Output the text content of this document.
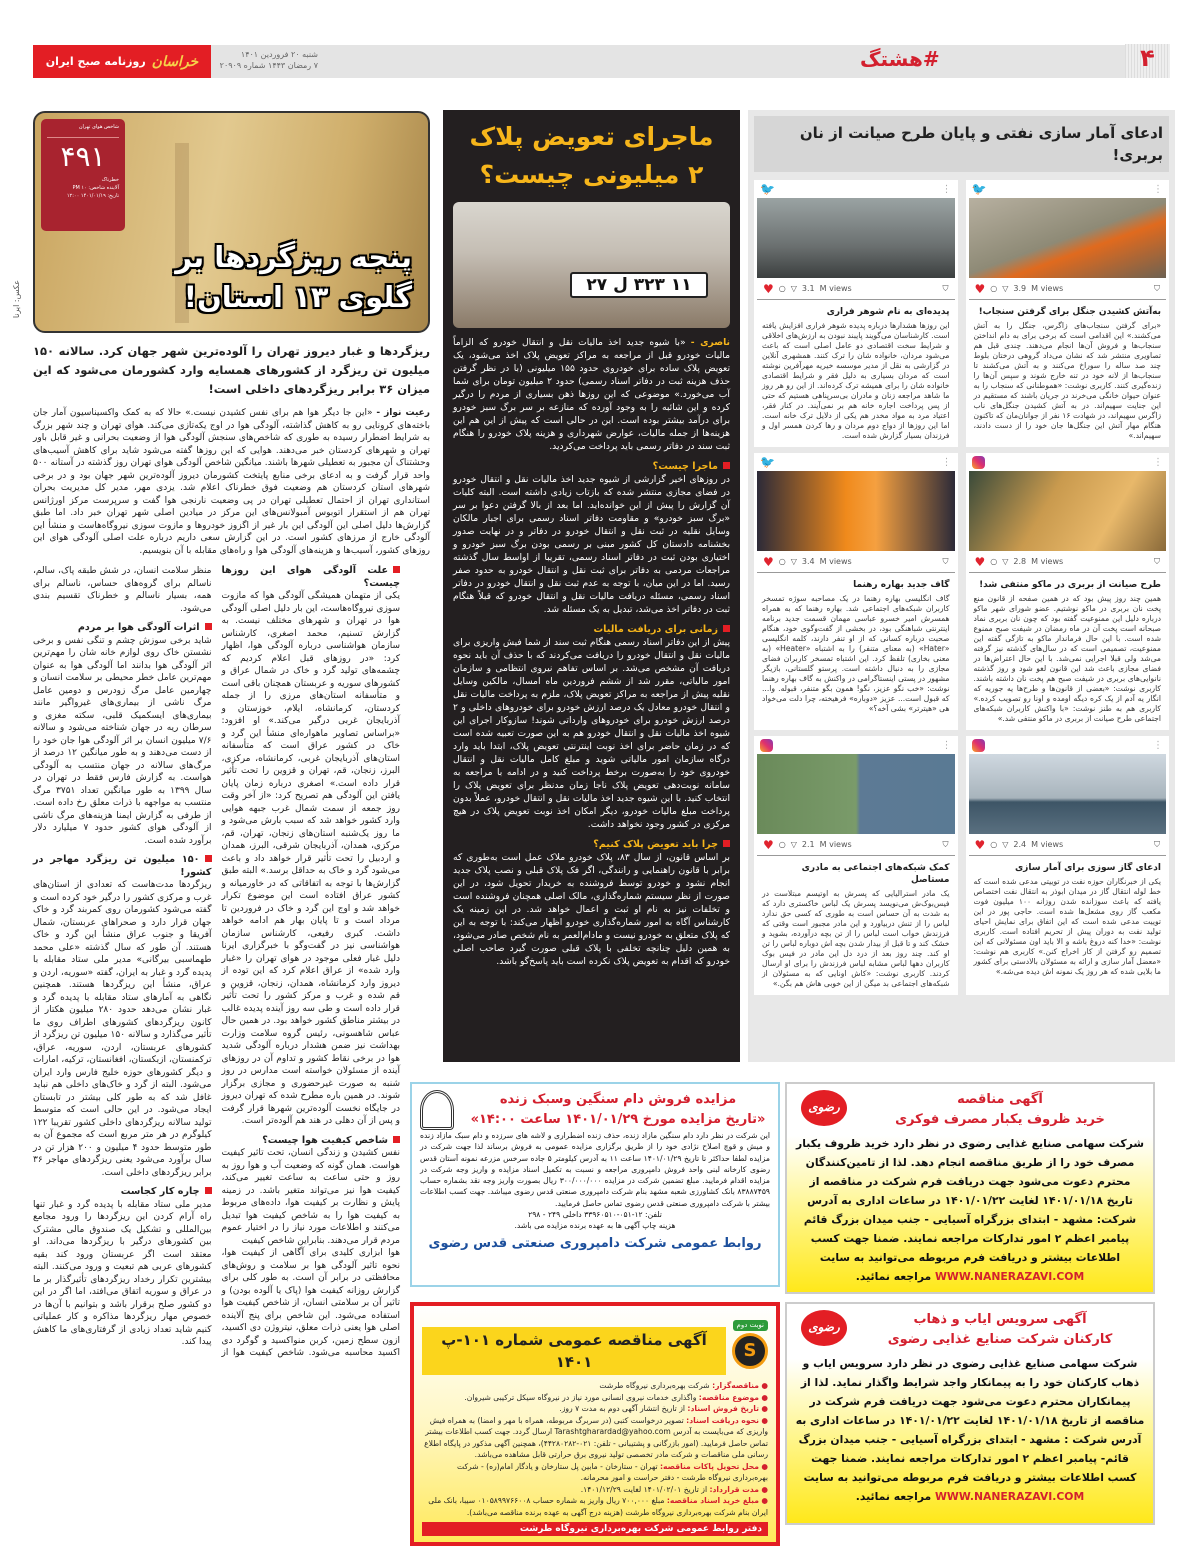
خراسان
روزنامه صبح ایران
شنبه ۲۰ فروردین ۱۴۰۱
۷ رمضان ۱۴۴۳ شماره ۲۰۹۰۹	#هشتگ	۴
شاخص هوای تهران
۴۹۱
خطرناک
آلاینده شاخص: PM ۱۰
تاریخ: ۱۴۰۱/۰۱/۱۹ ۱۲:۰۰
پنجه ریزگردها بر
گلوی ۱۳ استان!
عکس: ایرنا
ریزگردها و غبار دیروز تهران را آلوده‌ترین شهر جهان کرد. سالانه ۱۵۰ میلیون تن ریزگرد از کشورهای همسایه وارد کشورمان می‌شود که این میزان ۳۶ برابر ریزگردهای داخلی است!
رعیت نواز - «این جا دیگر هوا هم برای نفس کشیدن نیست.» حالا که به کمک واکسیناسیون آمار جان باخته‌های کرونایی رو به کاهش گذاشته، آلودگی هوا در اوج یکه‌تازی می‌کند. هوای تهران و چند شهر بزرگ به شرایط اضطرار رسیده به طوری که شاخص‌های سنجش آلودگی هوا از وضعیت بحرانی و غیر قابل باور تهران و شهرهای کردستان خبر می‌دهند. هوایی که این روزها گفته می‌شود شاید برای کاهش آسیب‌های وحشتناک آن مجبور به تعطیلی شهرها باشند. میانگین شاخص آلودگی هوای تهران روز گذشته در آستانه ۵۰۰ واحد قرار گرفت و به ادعای برخی منابع پایتخت کشورمان دیروز آلوده‌ترین شهر جهان بود و در برخی شهرهای استان کردستان هم وضعیت فوق خطرناک اعلام شد. یزدی مهر، مدیر کل مدیریت بحران استانداری تهران از احتمال تعطیلی تهران در پی وضعیت نارنجی هوا گفت و سرپرست مرکز اورژانس تهران هم از استقرار اتوبوس آمبولانس‌های این مرکز در میادین اصلی شهر تهران خبر داد. اما طبق گزارش‌ها دلیل اصلی این آلودگی این بار غیر از اگزوز خودروها و مازوت سوزی نیروگاه‌هاست و منشأ این آلودگی خارج از مرزهای کشور است. در این گزارش سعی داریم درباره علت اصلی آلودگی هوای این روزهای کشور، آسیب‌ها و هزینه‌های آلودگی هوا و راه‌های مقابله با آن بنویسیم.
علت آلودگی هوای این روزها چیست؟
یکی از متهمان همیشگی آلودگی هوا که مازوت سوزی نیروگاه‌هاست، این بار دلیل اصلی آلودگی هوا در تهران و شهرهای مختلف نیست. به گزارش تسنیم، محمد اصغری، کارشناس سازمان هواشناسی درباره آلودگی هوا، اظهار کرد: «در روزهای قبل اعلام کردیم که چشمه‌های تولید گرد و خاک در شمال عراق و کشورهای سوریه و عربستان همچنان باقی است و متأسفانه استان‌های مرزی را از جمله کردستان، کرمانشاه، ایلام، خوزستان و آذربایجان غربی درگیر می‌کند.» او افزود: «براساس تصاویر ماهواره‌ای منشأ این گرد و خاک در کشور عراق است که متأسفانه استان‌های آذربایجان غربی، کرمانشاه، مرکزی، البرز، زنجان، قم، تهران و قزوین را تحت تأثیر قرار داده است.» اصغری درباره زمان پایان یافتن این آلودگی هم تصریح کرد: «از آخر وقت روز جمعه از سمت شمال غرب جبهه هوایی وارد کشور خواهد شد که سبب بارش می‌شود و ما روز یک‌شنبه استان‌های زنجان، تهران، قم، مرکزی، همدان، آذربایجان شرقی، البرز، همدان و اردبیل را تحت تأثیر قرار خواهد داد و باعث می‌شود گرد و خاک به حداقل برسد.» البته طبق گزارش‌ها با توجه به اتفاقاتی که در خاورمیانه و کشور عراق افتاده است این موضوع تکرار خواهد شد و اوج این گرد و خاک در فروردین تا مرداد است و تا پایان بهار هم ادامه خواهد داشت. کبری رفیعی، کارشناس سازمان هواشناسی نیز در گفت‌وگو با خبرگزاری ایرنا دلیل غبار فعلی موجود در هوای تهران را «غبار وارد شده» از عراق اعلام کرد که این توده از دیروز وارد کرمانشاه، همدان، زنجان، قزوین و قم شده و غرب و مرکز کشور را تحت تأثیر قرار داده است و طی سه روز آینده پدیده غالب در بیشتر مناطق کشور خواهد بود. در همین حال عباس شاهسونی، رئیس گروه سلامت وزارت بهداشت نیز ضمن هشدار درباره آلودگی شدید هوا در برخی نقاط کشور و تداوم آن در روزهای آینده از مسئولان خواسته است مدارس در روز شنبه به صورت غیرحضوری و مجازی برگزار شوند. در همین باره مطرح شده که تهران دیروز در جایگاه نخست آلوده‌ترین شهرها قرار گرفت و پس از آن دهلی در هند هم آلوده‌تر است.
شاخص کیفیت هوا چیست؟
نفس کشیدن و زندگی انسان، تحت تاثیر کیفیت هواست. همان گونه که وضعیت آب و هوا روز به روز و حتی ساعت به ساعت تغییر می‌کند، کیفیت هوا نیز می‌تواند متغیر باشد. در زمینه پایش و نظارت بر کیفیت هوا، داده‌های مربوط به کیفیت هوا را به شاخص کیفیت هوا تبدیل می‌کنند و اطلاعات مورد نیاز را در اختیار عموم مردم قرار می‌دهند. بنابراین شاخص کیفیت
هوا ابزاری کلیدی برای آگاهی از کیفیت هوا، نحوه تاثیر آلودگی هوا بر سلامت و روش‌های محافظتی در برابر آن است. به طور کلی برای گزارش روزانه کیفیت هوا (پاک یا آلوده بودن) و تاثیر آن بر سلامتی انسان، از شاخص کیفیت هوا استفاده می‌شود. این شاخص برای پنج آلاینده اصلی هوا یعنی ذرات معلق، نیتروژن دی اکسید، ازون سطح زمین، کربن منواکسید و گوگرد دی اکسید محاسبه می‌شود. شاخص کیفیت هوا از منظر سلامت انسان، در شش طبقه پاک، سالم، ناسالم برای گروه‌های حساس، ناسالم برای همه، بسیار ناسالم و خطرناک تقسیم بندی می‌شود.
اثرات آلودگی هوا بر مردم
شاید برخی سوزش چشم و تنگی نفس و برخی نشستن خاک روی لوازم خانه شان را مهم‌ترین اثر آلودگی هوا بدانند اما آلودگی هوا به عنوان مهم‌ترین عامل خطر محیطی بر سلامت انسان و چهارمین عامل مرگ زودرس و دومین عامل مرگ ناشی از بیماری‌های غیرواگیر مانند بیماری‌های ایسکمیک قلبی، سکته مغزی و سرطان ریه در جهان شناخته می‌شود و سالانه ۷/۶ میلیون انسان بر اثر آلودگی هوا جان خود را از دست می‌دهند و به طور میانگین ۱۲ درصد از مرگ‌های سالانه در جهان منتسب به آلودگی هواست. به گزارش فارس فقط در تهران در سال ۱۳۹۹ به طور میانگین تعداد ۳۷۵۱ مرگ منتسب به مواجهه با ذرات معلق رخ داده است. از طرفی به گزارش ایمنا هزینه‌های مرگ ناشی از آلودگی هوای کشور حدود ۷ میلیارد دلار برآورد شده است.
۱۵۰ میلیون تن ریزگرد مهاجر در کشور!
ریزگردها مدت‌هاست که تعدادی از استان‌های غرب و مرکزی کشور را درگیر خود کرده است و گفته می‌شود کشورمان روی کمربند گرد و خاک جهان قرار دارد و صحراهای عربستان، شمال آفریقا و جنوب عراق منشأ این گرد و خاک هستند. آن طور که سال گذشته «علی محمد طهماسبی بیرگانی» مدیر ملی ستاد مقابله با پدیده گرد و غبار به ایران، گفته «سوریه، اردن و عراق، منشأ این ریزگردها هستند. همچنین نگاهی به آمارهای ستاد مقابله با پدیده گرد و غبار نشان می‌دهد حدود ۲۸۰ میلیون هکتار از کانون ریزگردهای کشورهای اطراف روی ما تأثیر می‌گذارد و سالانه ۱۵۰ میلیون تن ریزگرد از کشورهای عربستان، اردن، سوریه، عراق، ترکمنستان، ازبکستان، افغانستان، ترکیه، امارات و دیگر کشورهای حوزه خلیج فارس وارد ایران می‌شود. البته از گرد و خاک‌های داخلی هم نباید غافل شد که به طور کلی بیشتر در تابستان ایجاد می‌شود. در این حالی است که متوسط تولید سالانه ریزگردهای داخلی کشور تقریبا ۱۲۲ کیلوگرم در هر متر مربع است که مجموع آن به طور متوسط حدود ۴ میلیون و ۲۰۰ هزار تن در سال برآورد می‌شود یعنی ریزگردهای مهاجر ۳۶ برابر ریزگردهای داخلی است.
چاره کار کجاست
مدیر ملی ستاد مقابله با پدیده گرد و غبار تنها راه آرام کردن این ریزگردها را ورود مجامع بین‌المللی و تشکیل یک صندوق مالی مشترک بین کشورهای درگیر با ریزگردها می‌داند. او معتقد است اگر عربستان ورود کند بقیه کشورهای عربی هم تبعیت و ورود می‌کنند. البته بیشترین تکرار رخداد ریزگردهای تأثیرگذار بر ما در عراق و سوریه اتفاق می‌افتد، اما اگر در این دو کشور صلح برقرار باشد و بتوانیم با آن‌ها در خصوص مهار ریزگردها مذاکره و کار عملیاتی کنیم شاید تعداد زیادی از گرفتاری‌های ما کاهش پیدا کند.
ماجرای تعویض پلاک
۲ میلیونی چیست؟
۱۱ ۳۲۳ ل ۲۷
ناصری - «با شیوه جدید اخذ مالیات نقل و انتقال خودرو که الزاماً مالیات خودرو قبل از مراجعه به مراکز تعویض پلاک اخذ می‌شود، یک تعویض پلاک ساده برای خودروی حدود ۱۵۵ میلیونی (با در نظر گرفتن حذف هزینه ثبت در دفاتر اسناد رسمی) حدود ۲ میلیون تومان برای شما آب می‌خورد.» موضوعی که این روزها ذهن بسیاری از مردم را درگیر کرده و این شائبه را به وجود آورده که منازعه بر سر برگ سبز خودرو برای درآمد بیشتر بوده است. این در حالی است که پیش از این هم این هزینه‌ها از جمله مالیات، عوارض شهرداری و هزینه پلاک خودرو را هنگام ثبت سند در دفاتر رسمی باید پرداخت می‌کردید.
ماجرا چیست؟
در روزهای اخیر گزارشی از شیوه جدید اخذ مالیات نقل و انتقال خودرو در فضای مجازی منتشر شده که بازتاب زیادی داشته است. البته کلیات آن گزارش را پیش از این خوانده‌اید. اما بعد از بالا گرفتن دعوا بر سر «برگ سبز خودرو» و مقاومت دفاتر اسناد رسمی برای اجبار مالکان وسایل نقلیه در ثبت نقل و انتقال خودرو در دفاتر و در نهایت صدور بخشنامه دادستان کل کشور مبنی بر رسمی بودن برگ سبز خودرو و اختیاری بودن ثبت در دفاتر اسناد رسمی، تقریبا از اواسط سال گذشته مراجعات مردمی به دفاتر برای ثبت نقل و انتقال خودرو به حدود صفر رسید. اما در این میان، با توجه به عدم ثبت نقل و انتقال خودرو در دفاتر اسناد رسمی، مسئله دریافت مالیات نقل و انتقال خودرو که قبلاً هنگام ثبت در دفاتر اخذ می‌شد، تبدیل به یک مسئله شد.
زمانی برای دریافت مالیات
پیش از این دفاتر اسناد رسمی هنگام ثبت سند از شما فیش واریزی برای مالیات نقل و انتقال خودرو را دریافت می‌کردند که با حذف آن باید نحوه دریافت آن مشخص می‌شد. بر اساس تفاهم نیروی انتظامی و سازمان امور مالیاتی، مقرر شد از ششم فروردین ماه امسال، مالکین وسایل نقلیه پیش از مراجعه به مراکز تعویض پلاک، ملزم به پرداخت مالیات نقل و انتقال خودرو معادل یک درصد ارزش خودرو برای خودروهای داخلی و ۲ درصد ارزش خودرو برای خودروهای وارداتی شوند! سازوکار اجرای این شیوه اخذ مالیات نقل و انتقال خودرو هم به این صورت تعبیه شده است که در زمان حاضر برای اخذ نوبت اینترنتی تعویض پلاک، ابتدا باید وارد درگاه سازمان امور مالیاتی شوید و مبلغ کامل مالیات نقل و انتقال خودروی خود را به‌صورت برخط پرداخت کنید و در ادامه با مراجعه به سامانه نوبت‌دهی تعویض پلاک ناجا زمان مدنظر برای تعویض پلاک را انتخاب کنید. با این شیوه جدید اخذ مالیات نقل و انتقال خودرو، عملاً بدون پرداخت مبلغ مالیات خودرو، دیگر امکان اخذ نوبت تعویض پلاک در هیچ مرکزی در کشور وجود نخواهد داشت.
چرا باید تعویض پلاک کنیم؟
بر اساس قانون، از سال ۸۳، پلاک خودرو ملاک عمل است به‌طوری که برابر با قانون راهنمایی و رانندگی، اگر فک پلاک قبلی و نصب پلاک جدید انجام نشود و خودرو توسط فروشنده به خریدار تحویل شود، در این صورت از نظر سیستم شماره‌گذاری، مالک اصلی همچنان فروشنده است و تخلفات نیز به نام او ثبت و اعمال خواهد شد. در این زمینه یک کارشناس آگاه به امور شماره‌گذاری خودرو اظهار می‌کند: با توجه به این که پلاک متعلق به خودرو نیست و مادام‌العمر به نام شخص صادر می‌شود، به همین دلیل چنانچه تخلفی با پلاک قبلی صورت گیرد صاحب اصلی خودرو که اقدام به تعویض پلاک نکرده است باید پاسخ‌گو باشد.
ادعای آمار سازی نفتی و پایان طرح صیانت از نان بربری!
🐦	⋮
♥ ○ ▽ 3.9 M views	⛉
به‌آتش کشیدن جنگل برای گرفتن سنجاب!

«برای گرفتن سنجاب‌های زاگرس، جنگل را به آتش می‌کشند.» این اقدامی است که برخی برای به دام انداختن سنجاب‌ها و فروش آن‌ها انجام می‌دهند. چندی قبل هم تصاویری منتشر شد که نشان می‌داد گروهی درختان بلوط چند صد ساله را سوراخ می‌کنند و به آتش می‌کشند تا سنجاب‌ها از لانه خود در تنه خارج شوند و سپس آن‌ها را زنده‌گیری کنند. کاربری نوشت: «هموطنانی که سنجاب را به عنوان حیوان خانگی می‌خرند در جریان باشند که مستقیم در این جنایت سهیم‌اند. در به آتش کشیدن جنگل‌های ناب زاگرس سهیم‌اند، در شهادت ۱۶ نفر از جوانان‌مان که تاکنون هنگام مهار آتش این جنگل‌ها جان خود را از دست دادند، سهیم‌اند.»

🐦	⋮
♥ ○ ▽ 3.1 M views	⛉
پدیده‌ای به نام شوهر فراری

این روزها هشدارها درباره پدیده شوهر فراری افزایش یافته است. کارشناسان می‌گویند پایبند نبودن به ارزش‌های اخلاقی و شرایط سخت اقتصادی دو عامل اصلی است که باعث می‌شود مردان، خانواده شان را ترک کنند. همشهری آنلاین در گزارشی به نقل از مدیر موسسه خیریه مهرآفرین نوشته است که مردان بسیاری به دلیل فقر و شرایط اقتصادی خانواده شان را برای همیشه ترک کرده‌اند. از این رو هر روز ما شاهد مراجعه زنان و مادران بی‌سرپناهی هستیم که حتی از پس پرداخت اجاره خانه هم بر نمی‌آیند. در کنار فقر، اعتیاد مرد به مواد مخدر هم یکی از دلایل ترک خانه است. اما این روزها از دواج دوم مردان و رها کردن همسر اول و فرزندان بسیار گزارش شده است.

⋮
♥ ○ ▽ 2.8 M views	⛉
طرح صیانت از بربری در ماکو منتفی شد!

همین چند روز پیش بود که در همین صفحه از قانون منع پخت نان بربری در ماکو نوشتیم. عضو شورای شهر ماکو درباره دلیل این ممنوعیت گفته بود که چون نان بربری نماد صبحانه است پخت آن در ماه رمضان در شیفت صبح ممنوع شده است. با این حال فرماندار ماکو به تازگی گفته این ممنوعیت، تصمیمی است که در سال‌های گذشته نیز گرفته می‌شد ولی قبلا اجرایی نمی‌شد. با این حال اعتراض‌ها در فضای مجازی باعث شد این قانون لغو شود و روز گذشته نانوایی‌های بربری در شیفت صبح هم پخت نان داشته باشند. کاربری نوشت: «بعضی از قانون‌ها و طرح‌ها یه جوریه که انگار یه آدم از یک کره دیگه اومده و اونا رو تصویب کرده.» کاربری هم به طنز نوشت: «با واکنش کاربران شبکه‌های اجتماعی طرح صیانت از بربری در ماکو منتفی شد.»

🐦	⋮
♥ ○ ▽ 3.4 M views	⛉
گاف جدید بهاره رهنما

گاف انگلیسی بهاره رهنما در یک مصاحبه سوژه تمسخر کاربران شبکه‌های اجتماعی شد. بهاره رهنما که به همراه همسرش امیر خسرو عباسی مهمان قسمت جدید برنامه اینترنتی شباهنگی بود، در بخشی از گفت‌وگوی خود، هنگام صحبت درباره کسانی که از او تنفر دارند، کلمه انگلیسی «Hater» (به معنای متنفر) را به اشتباه «Heater» (به معنی بخاری) تلفظ کرد. این اشتباه تمسخر کاربران فضای مجازی را به دنبال داشته است. پرستو گلستانی، بازیگر مشهور در پستی اینستاگرامی در واکنش به گاف بهاره رهنما نوشت: «خب نگو عزیز، نگو! همون بگو متنفر، قبوله. وا... که قبول است... عزیز «دوباره» فرهیخته، چرا دلت می‌خواد هی «هیترتر» بشی آخه؟»

⋮
♥ ○ ▽ 2.4 M views	⛉
ادعای گاز سوزی برای آمار سازی

یکی از خبرنگاران حوزه نفت در توییتی مدعی شده است که خط لوله انتقال گاز در میدان ابوذر به انتقال نفت اختصاص یافته که باعث سوزانده شدن روزانه ۱۰۰ میلیون فوت مکعب گاز روی مشعل‌ها شده است. حاجی پور در این توییت مدعی شده است که این اتفاق برای نمایش احیای تولید نفت به دوران پیش از تحریم افتاده است. کاربری نوشت: «خدا کنه دروغ باشه و الا باید اون مسئولانی که این تصمیم رو گرفتن از کار اخراج کنن.» کاربری هم نوشت: «معضل آمار سازی و ارائه به مسئولان بالادستی برای کشور ما بلایی شده که هر روز یک نمونه اش دیده می‌شه.»

⋮
♥ ○ ▽ 2.1 M views	⛉
کمک شبکه‌های اجتماعی به مادری مستاصل

یک مادر استرالیایی که پسرش به اوتیسم مبتلاست در فیس‌بوک‌ش می‌نویسد پسرش یک لباس خاکستری دارد که به شدت به آن حساس است به طوری که کسی حق ندارد لباس را از تنش دربیاورد و این مادر مجبور است وقتی که فرزندش خواب است لباس را از تن بچه درآورده، بشوید و خشک کند و تا قبل از بیدار شدن بچه اش دوباره لباس را تن او کند. چند روز بعد از درد دل این مادر در فیس بوک کاربران دهها لباس مشابه لباس فرزندش را برای او ارسال کردند. کاربری نوشت: «کاش اونایی که به مسئولان از شبکه‌های اجتماعی بد میگن از این خوبی هاش هم بگن.»

مزایده فروش دام سنگین وسبک زنده
«تاریخ مزایده مورخ ۱۴۰۱/۰۱/۲۹ ساعت ۱۴:۰۰»
این شرکت در نظر دارد دام سنگین مازاد زنده، حذف زنده اضطراری و لاشه های سرزده و دام سبک مازاد زنده و میش و قوچ اصلاح نژادی خود را از طریق برگزاری مزایده عمومی به فروش برساند لذا جهت شرکت در مزایده لطفا حداکثر تا تاریخ ۱۴۰۱/۰۱/۲۹ ساعت ۱۱ به آدرس کیلومتر ۵ جاده سرخس مزرعه نمونه آستان قدس رضوی کارخانه لبنی واحد فروش دامپروری مراجعه و نسبت به تکمیل اسناد مزایده و واریز وجه شرکت در مزایده اقدام فرمایید. مبلغ تضمین شرکت در مزایده ۳۰۰/۰۰۰/۰۰۰ ریال بصورت واریز وجه نقد بشماره حساب ۸۳۸۸۷۴۵۹ بانک کشاورزی شعبه مشهد بنام شرکت دامپروری صنعتی قدس رضوی میباشد. جهت کسب اطلاعات بیشتر با شرکت دامپروری صنعتی قدس رضوی تماس حاصل فرمایید.
تلفن: ۱۲-۰۵۱-۳۳۹۶۰۵۱۰ داخلی ۲۴۹ - ۲۹۸
هزینه چاپ آگهی ها به عهده برنده مزایده می باشد.
روابط عمومی شرکت دامپروری صنعتی قدس رضوی
نوبت دوم
S
آگهی مناقصه عمومی شماره ۱۰۱-پ ۱۴۰۱
● مناقصه‌گزار: شرکت بهره‌برداری نیروگاه طرشت
● موضوع مناقصه: واگذاری خدمات نیروی انسانی مورد نیاز در نیروگاه سیکل ترکیبی شیروان.
● تاریخ فروش اسناد: از تاریخ انتشار آگهی دوم به مدت ۷ روز.
● نحوه دریافت اسناد: تصویر درخواست کتبی (در سربرگ مربوطه، همراه با مهر و امضا) به همراه فیش واریزی که می‌بایست به آدرس Tarashtgharardad@yahoo.com ارسال گردد. جهت کسب اطلاعات بیشتر تماس حاصل فرمایید. (امور بازرگانی و پشتیبانی - تلفن: ۰۲۱-۴۴۲۸۰۲۸۲)، همچنین آگهی مذکور در پایگاه اطلاع رسانی ملی مناقصات و شرکت مادر تخصصی تولید نیروی برق حرارتی قابل مشاهده می‌باشد.
● محل تحویل پاکات مناقصه: تهران - ستارخان - مابین پل ستارخان و یادگار امام(ره) - شرکت بهره‌برداری نیروگاه طرشت - دفتر حراست و امور محرمانه.
● مدت قرارداد: از تاریخ ۱۴۰۱/۰۲/۰۱ لغایت ۱۴۰۱/۱۲/۲۹.
● مبلغ خرید اسناد مناقصه: مبلغ ۷۰۰,۰۰۰ ریال واریز به شماره حساب ۰۱۰۵۸۹۹۷۶۶۰۰۸ سیبا، بانک ملی ایران بنام شرکت بهره‌برداری نیروگاه طرشت (هزینه درج آگهی به عهده برنده مناقصه می‌باشد).
دفتر روابط عمومی شرکت بهره‌برداری نیروگاه طرشت
رضوی	آگهی مناقصه
خرید ظروف یکبار مصرف فوکری
شرکت سهامی صنایع غذایی رضوی در نظر دارد خرید ظروف یکبار مصرف خود را از طریق مناقصه انجام دهد. لذا از تامین‌کنندگان محترم دعوت می‌شود جهت دریافت فرم شرکت در مناقصه از تاریخ ۱۴۰۱/۰۱/۱۸ لغایت ۱۴۰۱/۰۱/۲۲ در ساعات اداری به آدرس شرکت: مشهد - ابتدای بزرگراه آسیایی - جنب میدان بزرگ قائم پیامبر اعظم ۲ امور تدارکات مراجعه نمایند. ضمنا جهت کسب اطلاعات بیشتر و دریافت فرم مربوطه می‌توانید به سایت WWW.NANERAZAVI.COM مراجعه نمائید.
رضوی	آگهی سرویس ایاب و ذهاب
کارکنان شرکت صنایع غذایی رضوی
شرکت سهامی صنایع غذایی رضوی در نظر دارد سرویس ایاب و ذهاب کارکنان خود را به پیمانکار واجد شرایط واگذار نماید. لذا از پیمانکاران محترم دعوت می‌شود جهت دریافت فرم شرکت در مناقصه از تاریخ ۱۴۰۱/۰۱/۱۸ لغایت ۱۴۰۱/۰۱/۲۲ در ساعات اداری به آدرس شرکت : مشهد - ابتدای بزرگراه آسیایی - جنب میدان بزرگ قائم- پیامبر اعظم ۲ امور تدارکات مراجعه نمایند. ضمنا جهت کسب اطلاعات بیشتر و دریافت فرم مربوطه می‌توانید به سایت WWW.NANERAZAVI.COM مراجعه نمائید.
